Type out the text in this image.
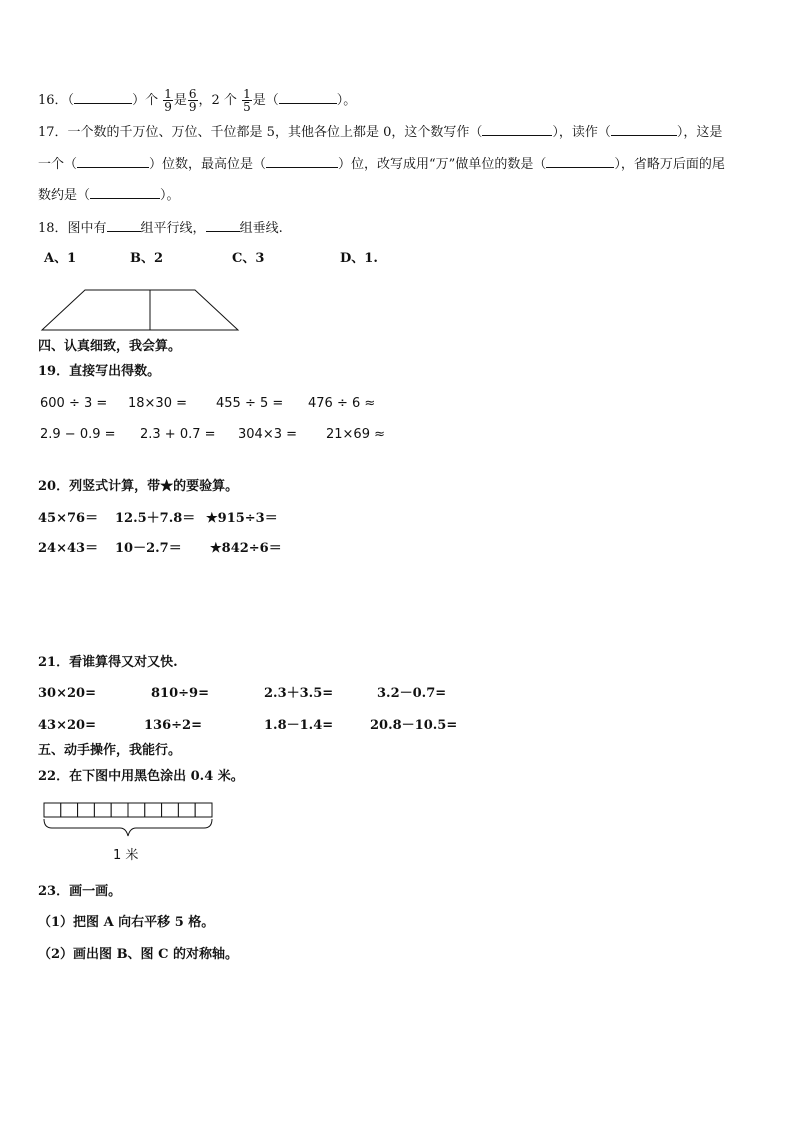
16．（	）个 $\frac{1}{9}$ 是 $\frac{6}{9}$ ，2 个 $\frac{1}{5}$ 是（	）。
17．一个数的千万位、万位、千位都是 5，其他各位上都是 0，这个数写作（	），读作（	），这是
一个（	）位数，最高位是（	）位，改写成用“万”做单位的数是（	），省略万后面的尾
数约是（	）。
18．图中有	组平行线，	组垂线.
A、1	B、2	C、3	D、1.
四、认真细致，我会算。
19．直接写出得数。
600 ÷ 3 = 18×30 = 455 ÷ 5 = 476 ÷ 6 ≈
2.9 − 0.9 = 2.3 + 0.7 = 304×3 = 21×69 ≈
20．列竖式计算，带★的要验算。
45×76＝ 12.5＋7.8＝ ★915÷3＝
24×43＝ 10－2.7＝ ★842÷6＝
21．看谁算得又对又快.
30×20=	810÷9=	2.3＋3.5=	3.2－0.7=
43×20=	136÷2=	1.8－1.4=	20.8－10.5=
五、动手操作，我能行。
22．在下图中用黑色涂出 0.4 米。
1 米
23．画一画。
（1）把图 A 向右平移 5 格。
（2）画出图 B、图 C 的对称轴。
